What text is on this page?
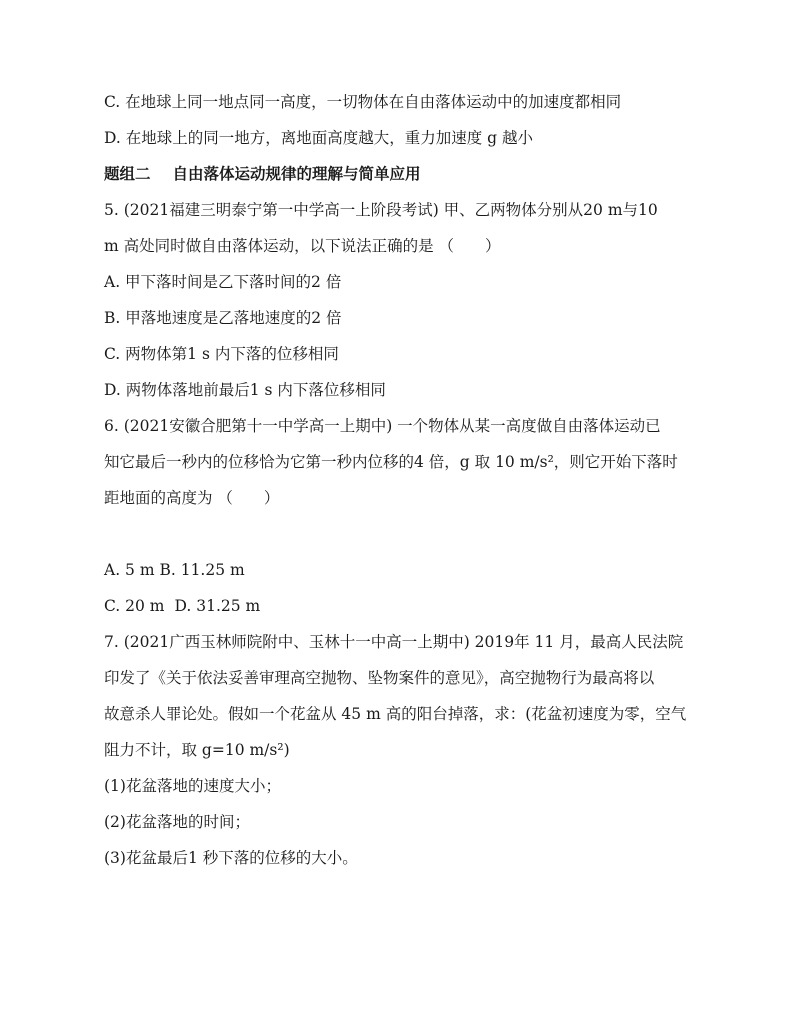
C. 在地球上同一地点同一高度，一切物体在自由落体运动中的加速度都相同
D. 在地球上的同一地方，离地面高度越大，重力加速度 g 越小
题组二 自由落体运动规律的理解与简单应用
5. (2021福建三明泰宁第一中学高一上阶段考试) 甲、乙两物体分别从20 m与10
m 高处同时做自由落体运动，以下说法正确的是 （　　）
A. 甲下落时间是乙下落时间的2 倍
B. 甲落地速度是乙落地速度的2 倍
C. 两物体第1 s 内下落的位移相同
D. 两物体落地前最后1 s 内下落位移相同
6. (2021安徽合肥第十一中学高一上期中) 一个物体从某一高度做自由落体运动已
知它最后一秒内的位移恰为它第一秒内位移的4 倍，g 取 10 m/s²，则它开始下落时
距地面的高度为 （　　）
A. 5 m B. 11.25 m
C. 20 m D. 31.25 m
7. (2021广西玉林师院附中、玉林十一中高一上期中) 2019年 11 月，最高人民法院
印发了《关于依法妥善审理高空抛物、坠物案件的意见》，高空抛物行为最高将以
故意杀人罪论处。假如一个花盆从 45 m 高的阳台掉落，求：(花盆初速度为零，空气
阻力不计，取 g=10 m/s²)
(1)花盆落地的速度大小；
(2)花盆落地的时间；
(3)花盆最后1 秒下落的位移的大小。
